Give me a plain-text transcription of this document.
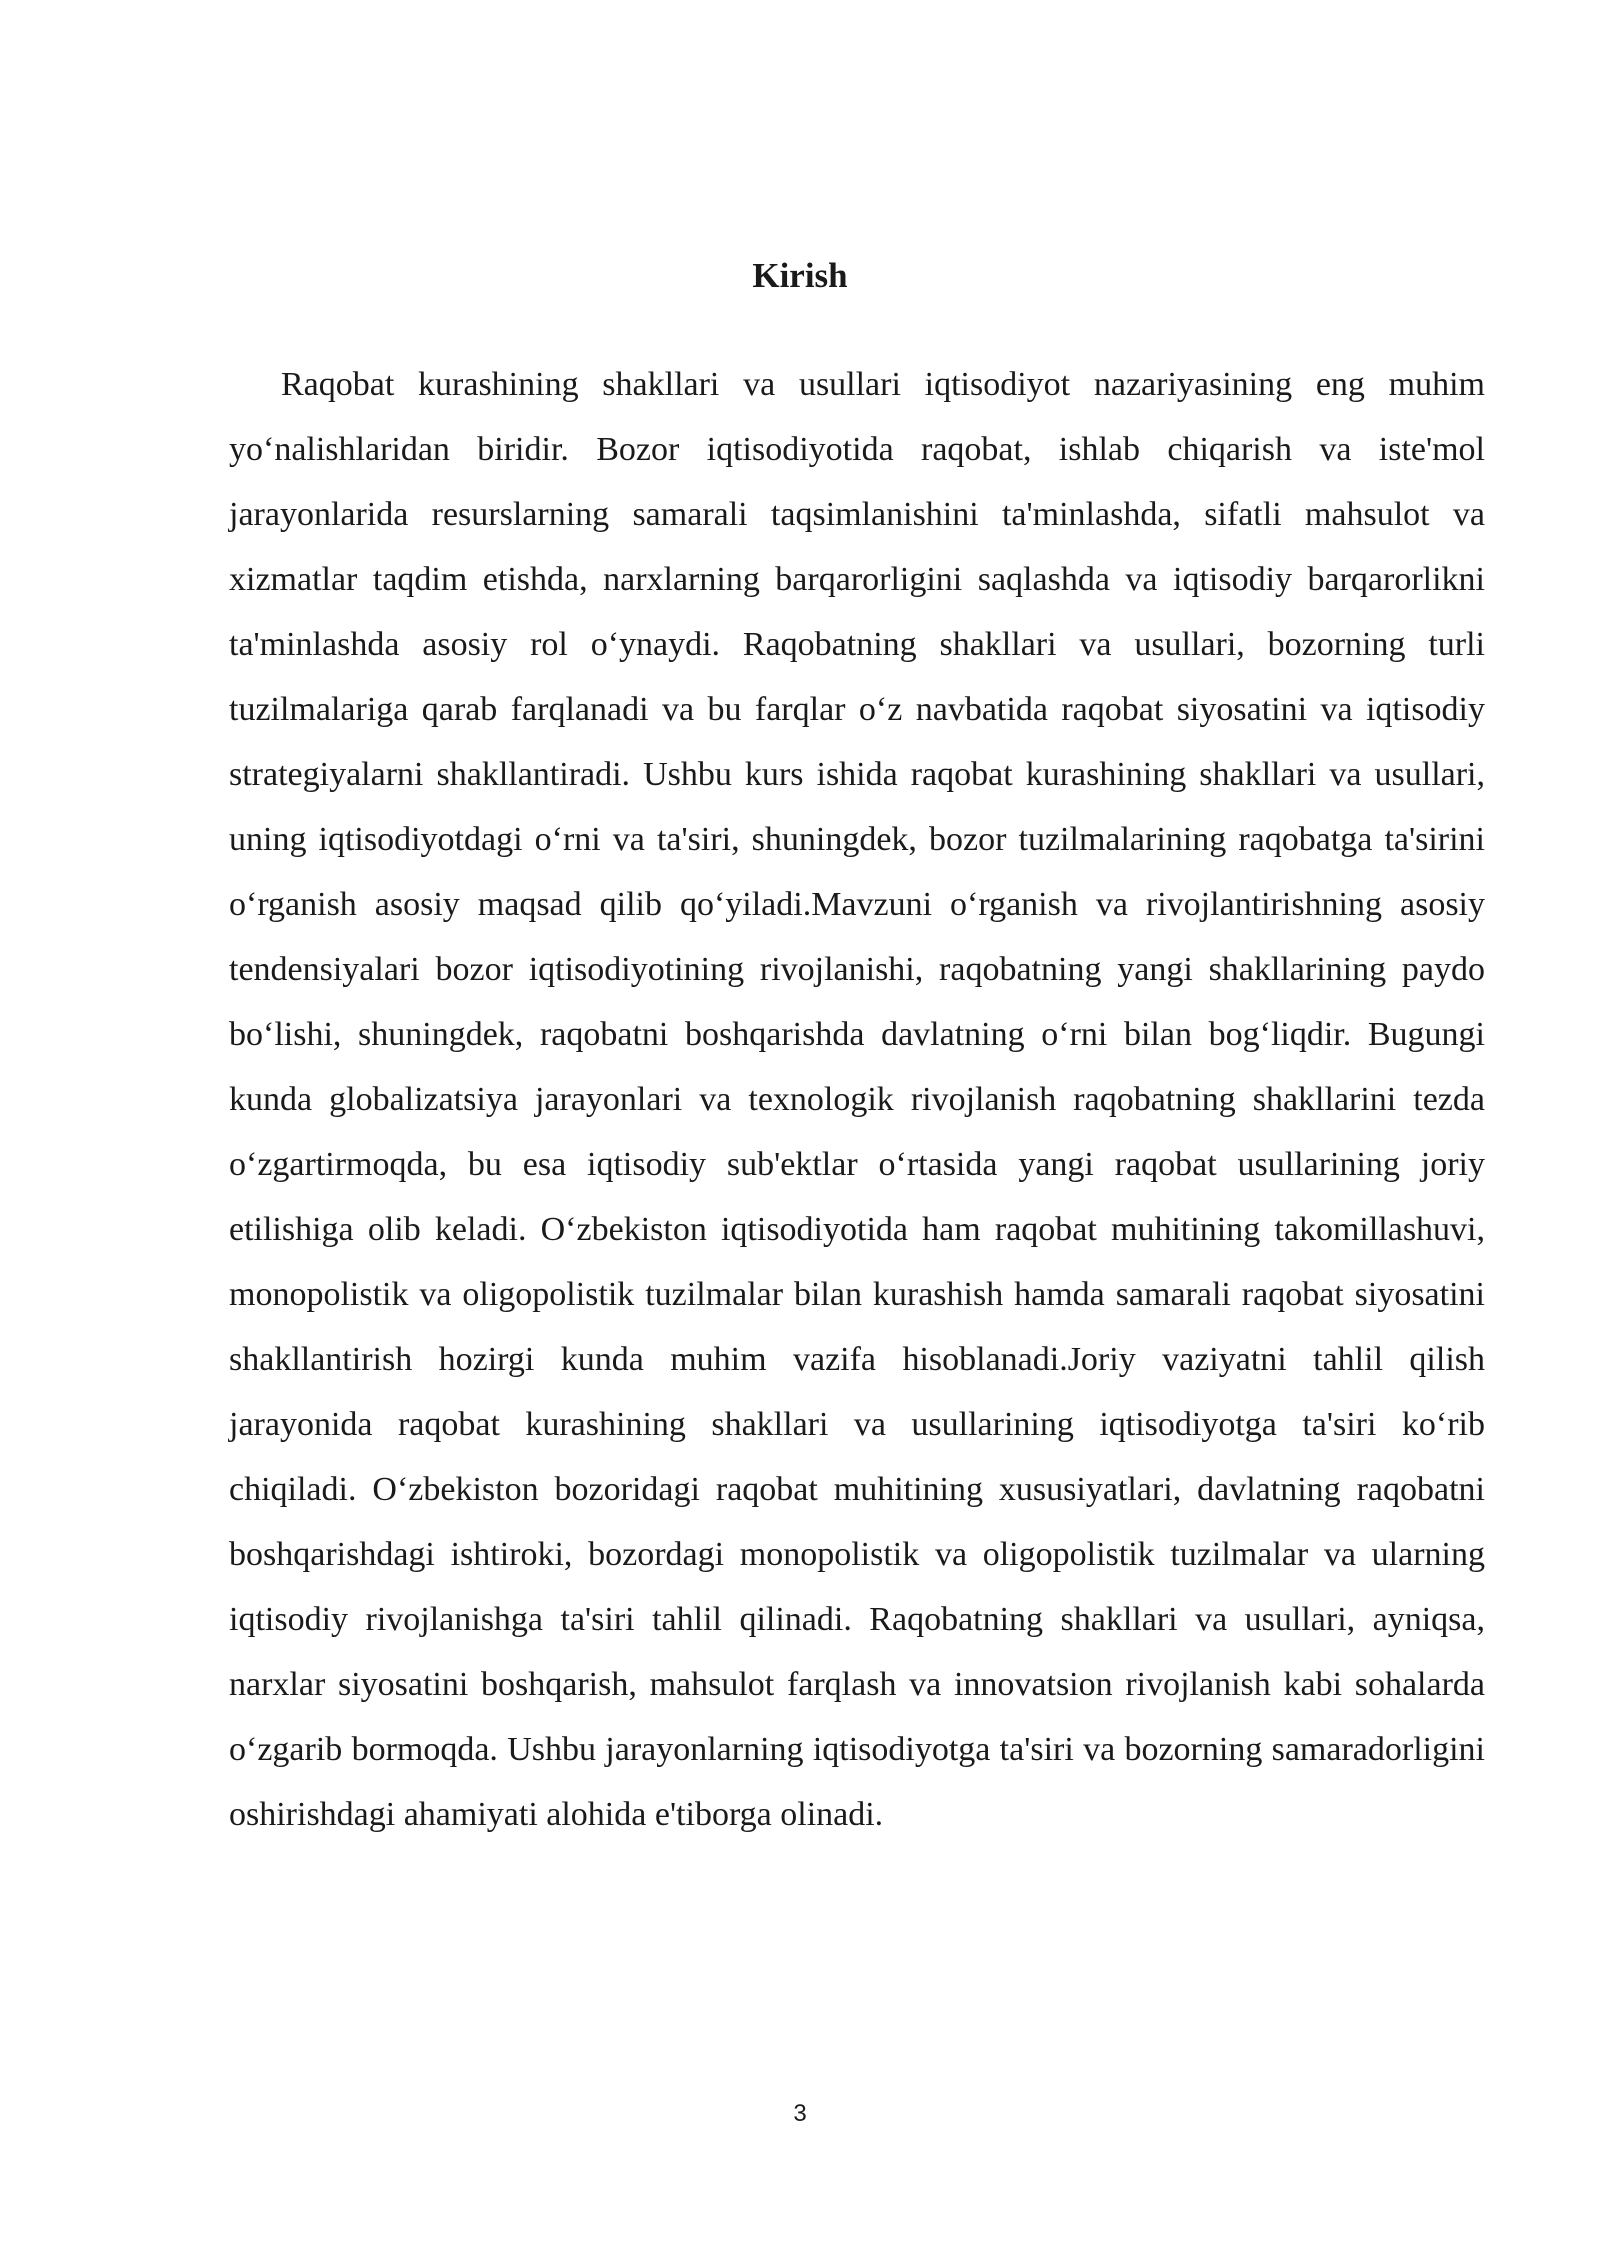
Kirish

Raqobat kurashining shakllari va usullari iqtisodiyot nazariyasining eng muhim yo‘nalishlaridan biridir. Bozor iqtisodiyotida raqobat, ishlab chiqarish va iste'mol jarayonlarida resurslarning samarali taqsimlanishini ta'minlashda, sifatli mahsulot va xizmatlar taqdim etishda, narxlarning barqarorligini saqlashda va iqtisodiy barqarorlikni ta'minlashda asosiy rol o‘ynaydi. Raqobatning shakllari va usullari, bozorning turli tuzilmalariga qarab farqlanadi va bu farqlar o‘z navbatida raqobat siyosatini va iqtisodiy strategiyalarni shakllantiradi. Ushbu kurs ishida raqobat kurashining shakllari va usullari, uning iqtisodiyotdagi o‘rni va ta'siri, shuningdek, bozor tuzilmalarining raqobatga ta'sirini o‘rganish asosiy maqsad qilib qo‘yiladi.Mavzuni o‘rganish va rivojlantirishning asosiy tendensiyalari bozor iqtisodiyotining rivojlanishi, raqobatning yangi shakllarining paydo bo‘lishi, shuningdek, raqobatni boshqarishda davlatning o‘rni bilan bog‘liqdir. Bugungi kunda globalizatsiya jarayonlari va texnologik rivojlanish raqobatning shakllarini tezda o‘zgartirmoqda, bu esa iqtisodiy sub'ektlar o‘rtasida yangi raqobat usullarining joriy etilishiga olib keladi. O‘zbekiston iqtisodiyotida ham raqobat muhitining takomillashuvi, monopolistik va oligopolistik tuzilmalar bilan kurashish hamda samarali raqobat siyosatini shakllantirish hozirgi kunda muhim vazifa hisoblanadi.Joriy vaziyatni tahlil qilish jarayonida raqobat kurashining shakllari va usullarining iqtisodiyotga ta'siri ko‘rib chiqiladi. O‘zbekiston bozoridagi raqobat muhitining xususiyatlari, davlatning raqobatni boshqarishdagi ishtiroki, bozordagi monopolistik va oligopolistik tuzilmalar va ularning iqtisodiy rivojlanishga ta'siri tahlil qilinadi. Raqobatning shakllari va usullari, ayniqsa, narxlar siyosatini boshqarish, mahsulot farqlash va innovatsion rivojlanish kabi sohalarda o‘zgarib bormoqda. Ushbu jarayonlarning iqtisodiyotga ta'siri va bozorning samaradorligini oshirishdagi ahamiyati alohida e'tiborga olinadi.

3
